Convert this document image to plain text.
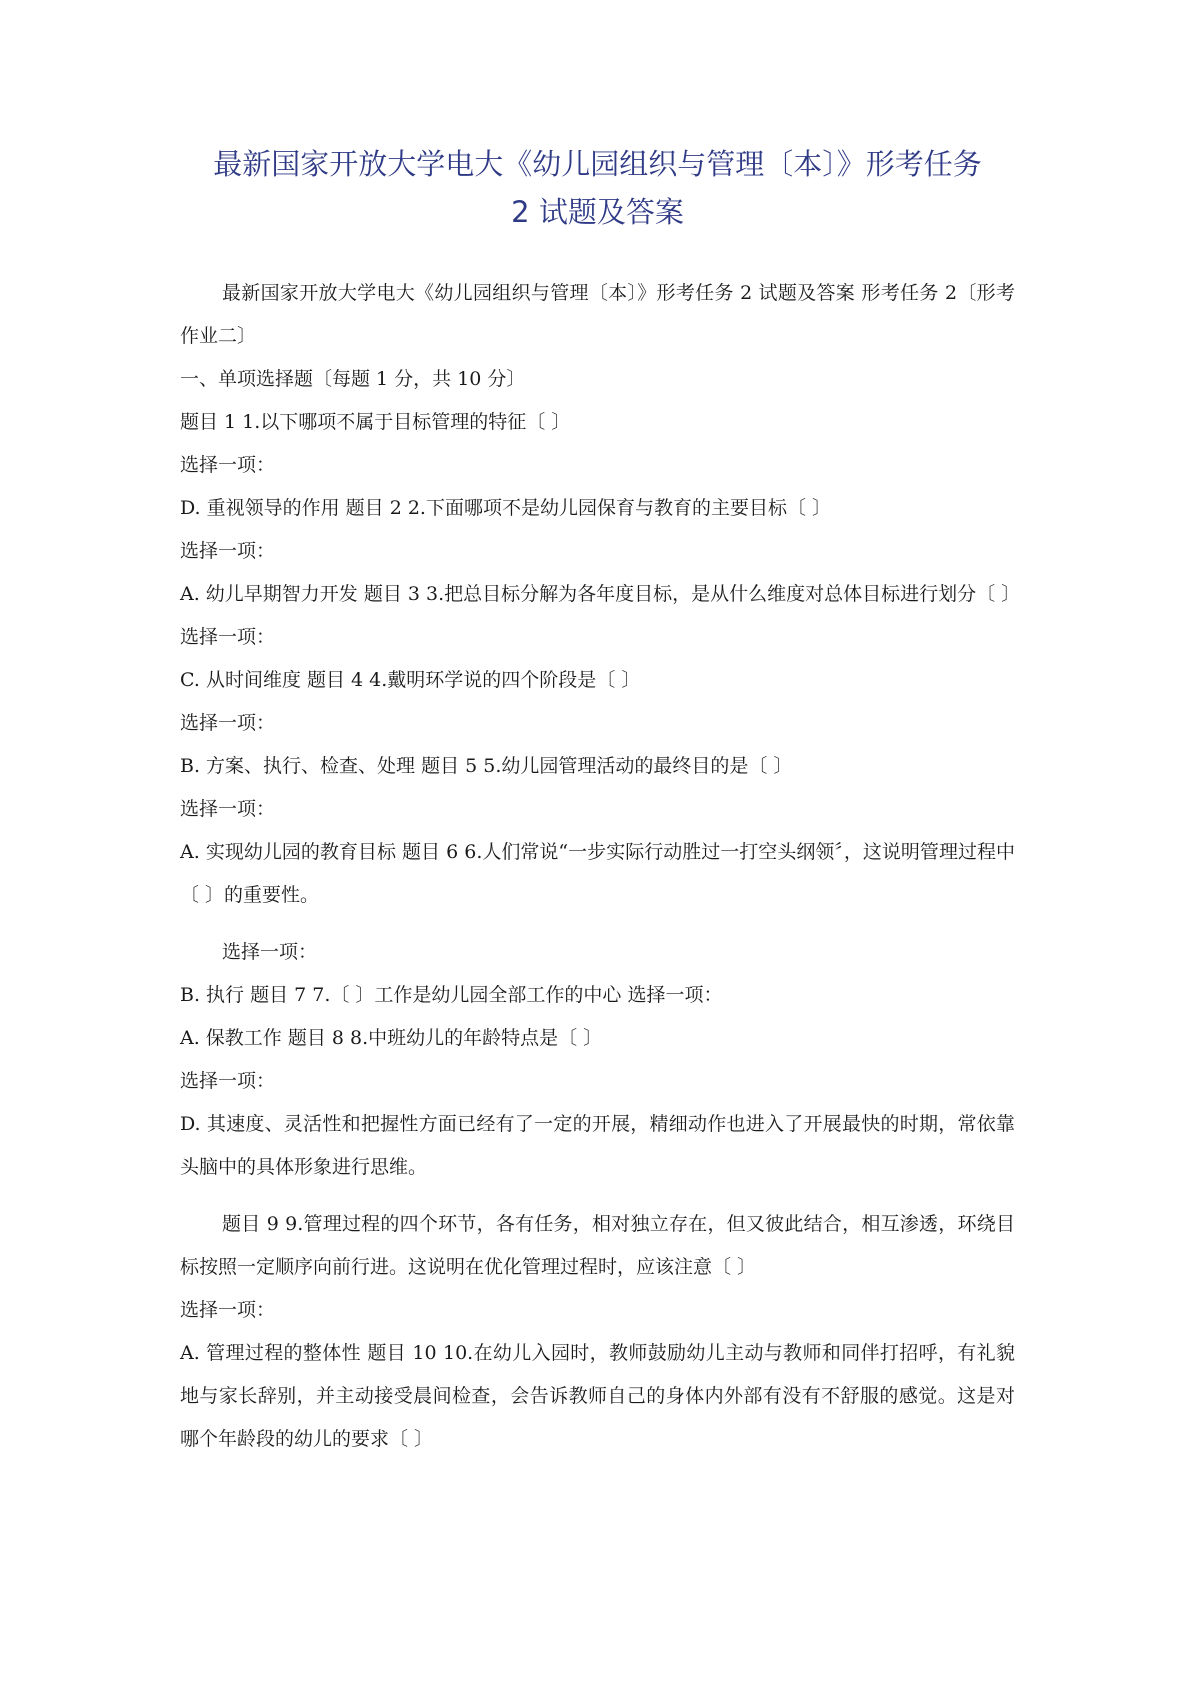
最新国家开放大学电大《幼儿园组织与管理〔本〕》形考任务
2 试题及答案

最新国家开放大学电大《幼儿园组织与管理〔本〕》形考任务 2 试题及答案 形考任务 2〔形考作业二〕

一、单项选择题〔每题 1 分，共 10 分〕

题目 1 1.以下哪项不属于目标管理的特征〔 〕

选择一项：

D. 重视领导的作用 题目 2 2.下面哪项不是幼儿园保育与教育的主要目标〔 〕

选择一项：

A. 幼儿早期智力开发 题目 3 3.把总目标分解为各年度目标，是从什么维度对总体目标进行划分〔 〕

选择一项：

C. 从时间维度 题目 4 4.戴明环学说的四个阶段是〔 〕

选择一项：

B. 方案、执行、检查、处理 题目 5 5.幼儿园管理活动的最终目的是〔 〕

选择一项：

A. 实现幼儿园的教育目标 题目 6 6.人们常说“一步实际行动胜过一打空头纲领〞，这说明管理过程中〔 〕的重要性。

选择一项：

B. 执行 题目 7 7.〔 〕工作是幼儿园全部工作的中心 选择一项：

A. 保教工作 题目 8 8.中班幼儿的年龄特点是〔 〕

选择一项：

D. 其速度、灵活性和把握性方面已经有了一定的开展，精细动作也进入了开展最快的时期，常依靠头脑中的具体形象进行思维。

题目 9 9.管理过程的四个环节，各有任务，相对独立存在，但又彼此结合，相互渗透，环绕目标按照一定顺序向前行进。这说明在优化管理过程时，应该注意〔 〕

选择一项：

A. 管理过程的整体性 题目 10 10.在幼儿入园时，教师鼓励幼儿主动与教师和同伴打招呼，有礼貌地与家长辞别，并主动接受晨间检查，会告诉教师自己的身体内外部有没有不舒服的感觉。这是对哪个年龄段的幼儿的要求〔 〕
